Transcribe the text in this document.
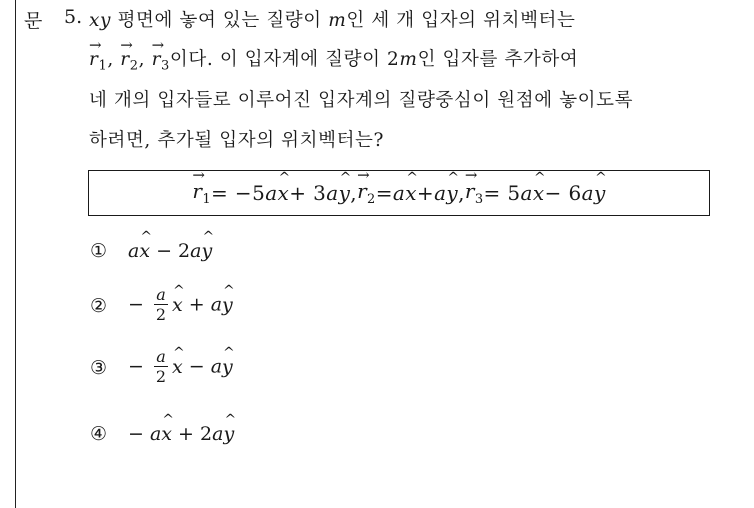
문 5. xy 평면에 놓여 있는 질량이 m인 세 개 입자의 위치벡터는
→
$r_1$,
→
$r_2$,
→
$r_3$이다. 이 입자계에 질량이 2m인 입자를 추가하여
네 개의 입자들로 이루어진 입자계의 질량중심이 원점에 놓이도록
하려면, 추가될 입자의 위치벡터는?
→
$r_1 = -5$ a ^ x + 3 a ^ y ,
→
$r_2 = a$ ^ x + a ^ y ,
→
$r_3 = 5$ a ^ x − 6 a ^ y
①	a^ x − 2a^ y
②	− $\frac{a}{2}$ ^ x + a^ y
③	− $\frac{a}{2}$ ^ x − a^ y
④	− a^ x + 2a^ y
